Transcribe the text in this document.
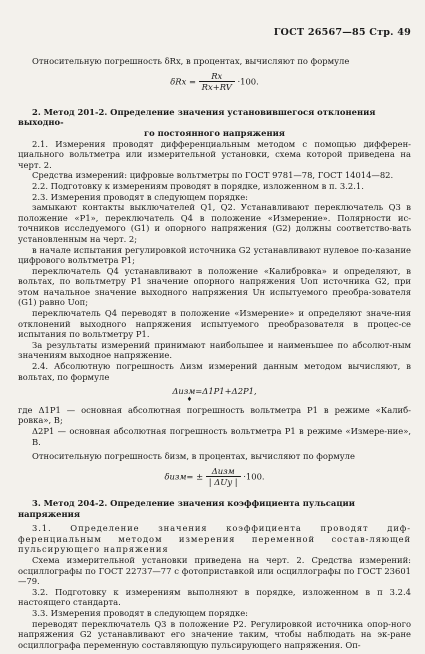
ГОСТ 26567—85 Стр. 49

Относительную погрешность δRx, в процентах, вычисляют по формуле

$\delta Rx = \frac{Rx}{Rx+RV} \cdot 100$.

2. Метод 201-2. Определение значения установившегося отклонения выходно-

го постоянного напряжения

2.1. Измерения проводят дифференциальным методом с помощью дифферен-циального вольтметра или измерительной установки, схема которой приведена на черт. 2.

Средства измерений: цифровые вольтметры по ГОСТ 9781—78, ГОСТ 14014—82.

2.2. Подготовку к измерениям проводят в порядке, изложенном в п. 3.2.1.

2.3. Измерения проводят в следующем порядке:

замыкают контакты выключателей Q1, Q2. Устанавливают переключатель Q3 в положение «P1», переключатель Q4 в положение «Измерение». Полярности ис-точников исследуемого (G1) и опорного напряжения (G2) должны соответство-вать установленным на черт. 2;

в начале испытания регулировкой источника G2 устанавливают нулевое по-казание цифрового вольтметра P1;

переключатель Q4 устанавливают в положение «Калибровка» и определяют, в вольтах, по вольтметру P1 значение опорного напряжения Uоп источника G2, при этом начальное значение выходного напряжения Uн испытуемого преобра-зователя (G1) равно Uоп;

переключатель Q4 переводят в положение «Измерение» и определяют значе-ния отклонений выходного напряжения испытуемого преобразователя в процес-се испытания по вольтметру P1.

За результаты измерений принимают наибольшее и наименьшее по абсолют-ным значениям выходное напряжение.

2.4. Абсолютную погрешность Δизм измерений данным методом вычисляют, в вольтах, по формуле

Δизм=Δ1P1+Δ2P1,
♦

где Δ1P1 — основная абсолютная погрешность вольтметра P1 в режиме «Калиб-ровка», B;

Δ2P1 — основная абсолютная погрешность вольтметра P1 в режиме «Измере-ние», B.

Относительную погрешность δизм, в процентах, вычисляют по формуле

$\delta изм= \pm \frac{\text{Δизм}}{\text{| ΔUy |}} \cdot 100$.

3. Метод 204-2. Определение значения коэффициента пульсации напряжения

3.1. Определение значения коэффициента проводят диф-ференциальным методом измерения переменной состав-ляющей пульсирующего напряжения

Схема измерительной установки приведена на черт. 2. Средства измерений: осциллографы по ГОСТ 22737—77 с фотоприставкой или осциллографы по ГОСТ 23601—79.

3.2. Подготовку к измерениям выполняют в порядке, изложенном в п 3.2.4 настоящего стандарта.

3.3. Измерения проводят в следующем порядке:

переводят переключатель Q3 в положение P2. Регулировкой источника опор-ного напряжения G2 устанавливают его значение таким, чтобы наблюдать на эк-ране осциллографа переменную составляющую пульсирующего напряжения. Оп-
